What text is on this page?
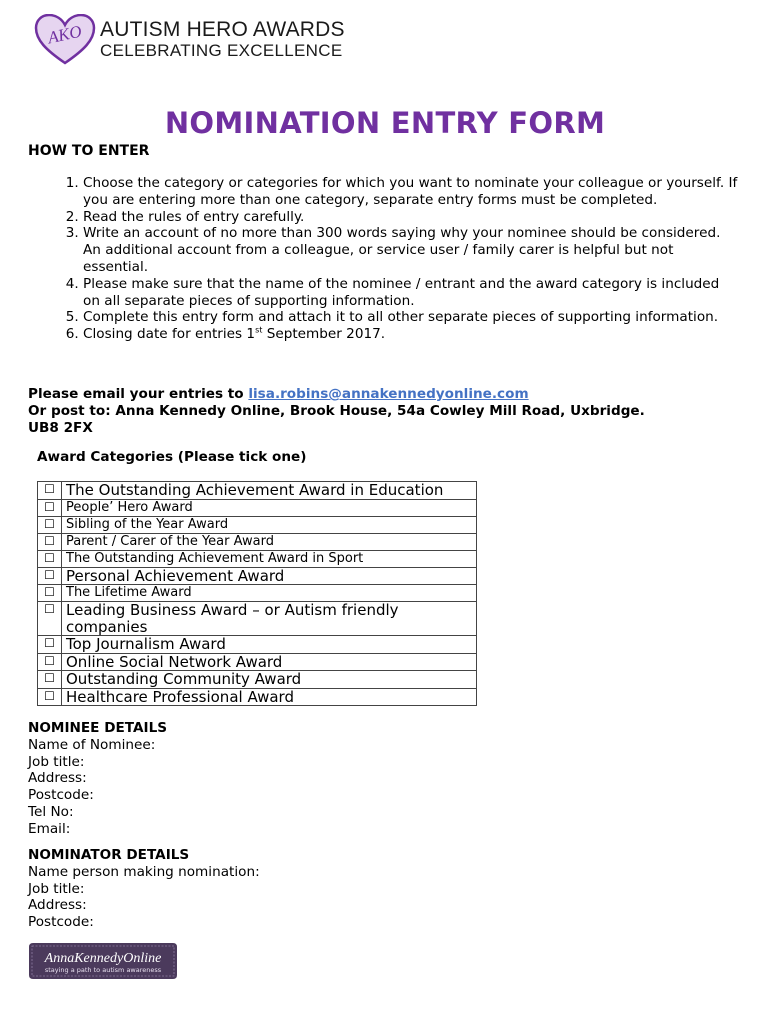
AKO AUTISM HERO AWARDS
CELEBRATING EXCELLENCE
NOMINATION ENTRY FORM
HOW TO ENTER
1. Choose the category or categories for which you want to nominate your colleague or yourself. If you are entering more than one category, separate entry forms must be completed.
2. Read the rules of entry carefully.
3. Write an account of no more than 300 words saying why your nominee should be considered. An additional account from a colleague, or service user / family carer is helpful but not essential.
4. Please make sure that the name of the nominee / entrant and the award category is included on all separate pieces of supporting information.
5. Complete this entry form and attach it to all other separate pieces of supporting information.
6. Closing date for entries 1st September 2017.
Please email your entries to lisa.robins@annakennedyonline.com
Or post to: Anna Kennedy Online, Brook House, 54a Cowley Mill Road, Uxbridge.
UB8 2FX
Award Categories (Please tick one)
☐	The Outstanding Achievement Award in Education
☐	People’ Hero Award
☐	Sibling of the Year Award
☐	Parent / Carer of the Year Award
☐	The Outstanding Achievement Award in Sport
☐	Personal Achievement Award
☐	The Lifetime Award
☐	Leading Business Award – or Autism friendly companies
☐	Top Journalism Award
☐	Online Social Network Award
☐	Outstanding Community Award
☐	Healthcare Professional Award
NOMINEE DETAILS
Name of Nominee:
Job title:
Address:
Postcode:
Tel No:
Email:
NOMINATOR DETAILS
Name person making nomination:
Job title:
Address:
Postcode:
AnnaKennedyOnline
staying a path to autism awareness
